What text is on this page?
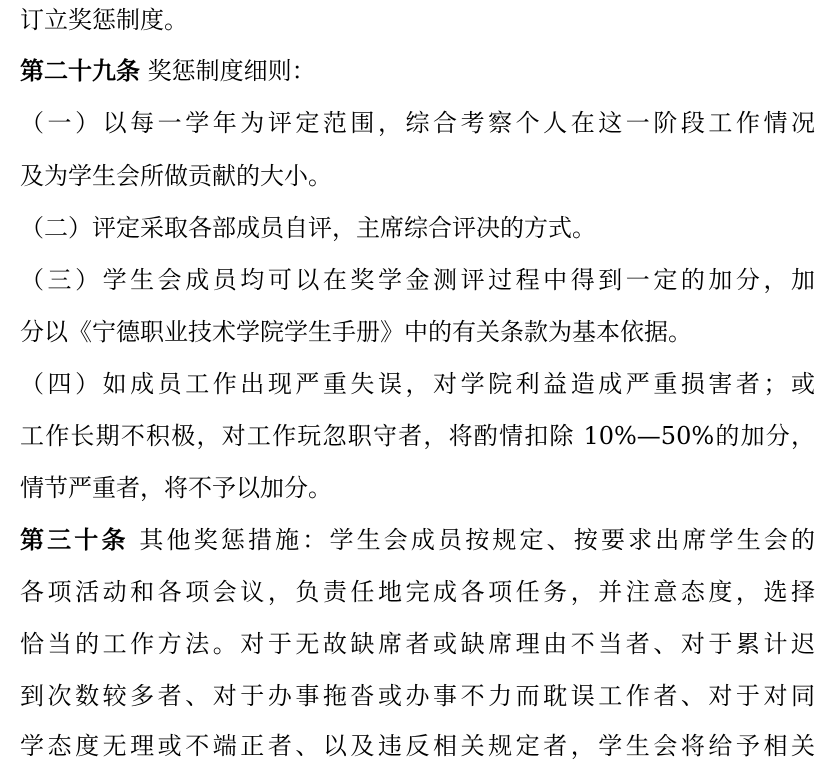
订立奖惩制度。
第二十九条 奖惩制度细则：
（一）以每一学年为评定范围，综合考察个人在这一阶段工作情况
及为学生会所做贡献的大小。
（二）评定采取各部成员自评，主席综合评决的方式。
（三）学生会成员均可以在奖学金测评过程中得到一定的加分，加
分以《宁德职业技术学院学生手册》中的有关条款为基本依据。
（四）如成员工作出现严重失误，对学院利益造成严重损害者；或
工作长期不积极，对工作玩忽职守者，将酌情扣除 10%—50%的加分，
情节严重者，将不予以加分。
第三十条 其他奖惩措施：学生会成员按规定、按要求出席学生会的
各项活动和各项会议，负责任地完成各项任务，并注意态度，选择
恰当的工作方法。对于无故缺席者或缺席理由不当者、对于累计迟
到次数较多者、对于办事拖沓或办事不力而耽误工作者、对于对同
学态度无理或不端正者、以及违反相关规定者，学生会将给予相关
